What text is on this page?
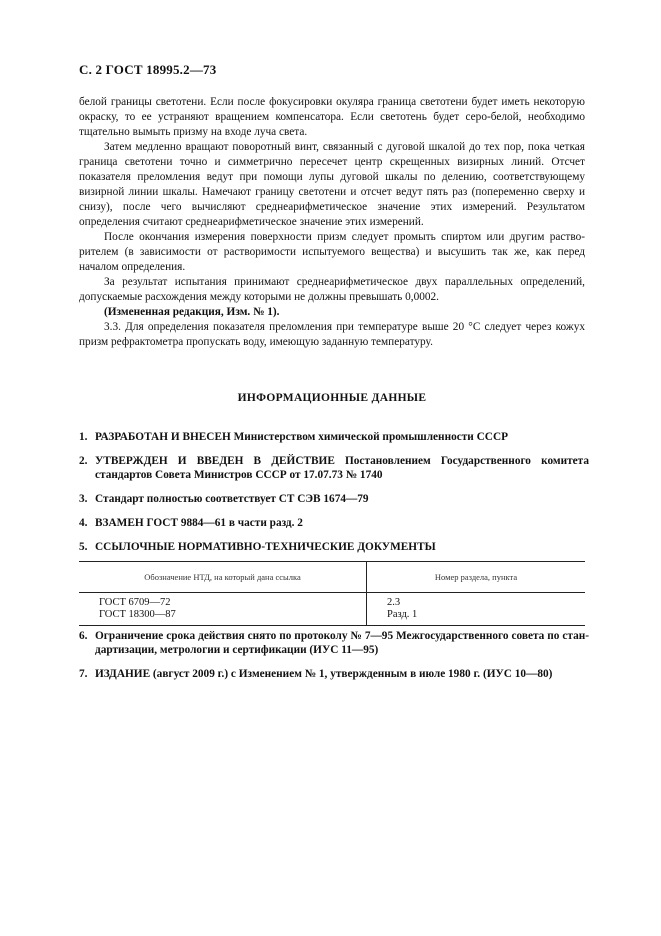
С. 2 ГОСТ 18995.2—73

белой границы светотени. Если после фокусировки окуляра граница светотени будет иметь некоторую окраску, то ее устраняют вращением компенсатора. Если светотень будет серо-белой, необходимо тщательно вымыть призму на входе луча света.

Затем медленно вращают поворотный винт, связанный с дуговой шкалой до тех пор, пока четкая граница светотени точно и симметрично пересечет центр скрещенных визирных линий. Отсчет показателя преломления ведут при помощи лупы дуговой шкалы по делению, соответствующему визирной линии шкалы. Намечают границу светотени и отсчет ведут пять раз (попеременно сверху и снизу), после чего вычисляют среднеарифметическое значение этих измерений. Результатом определения считают среднеарифметическое значение этих измерений.

После окончания измерения поверхности призм следует промыть спиртом или другим растворителем (в зависимости от растворимости испытуемого вещества) и высушить так же, как перед началом определения.

За результат испытания принимают среднеарифметическое двух параллельных определений, допускаемые расхождения между которыми не должны превышать 0,0002.

(Измененная редакция, Изм. № 1).

3.3. Для определения показателя преломления при температуре выше 20 °С следует через кожух призм рефрактометра пропускать воду, имеющую заданную температуру.

ИНФОРМАЦИОННЫЕ ДАННЫЕ
1. РАЗРАБОТАН И ВНЕСЕН Министерством химической промышленности СССР
2. УТВЕРЖДЕН И ВВЕДЕН В ДЕЙСТВИЕ Постановлением Государственного комитета стандартов Совета Министров СССР от 17.07.73 № 1740
3. Стандарт полностью соответствует СТ СЭВ 1674—79
4. ВЗАМЕН ГОСТ 9884—61 в части разд. 2
5. ССЫЛОЧНЫЕ НОРМАТИВНО-ТЕХНИЧЕСКИЕ ДОКУМЕНТЫ
Обозначение НТД, на который дана ссылка	Номер раздела, пункта
ГОСТ 6709—72	2.3
ГОСТ 18300—87	Разд. 1
6. Ограничение срока действия снято по протоколу № 7—95 Межгосударственного совета по стандартизации, метрологии и сертификации (ИУС 11—95)
7. ИЗДАНИЕ (август 2009 г.) с Изменением № 1, утвержденным в июле 1980 г. (ИУС 10—80)
